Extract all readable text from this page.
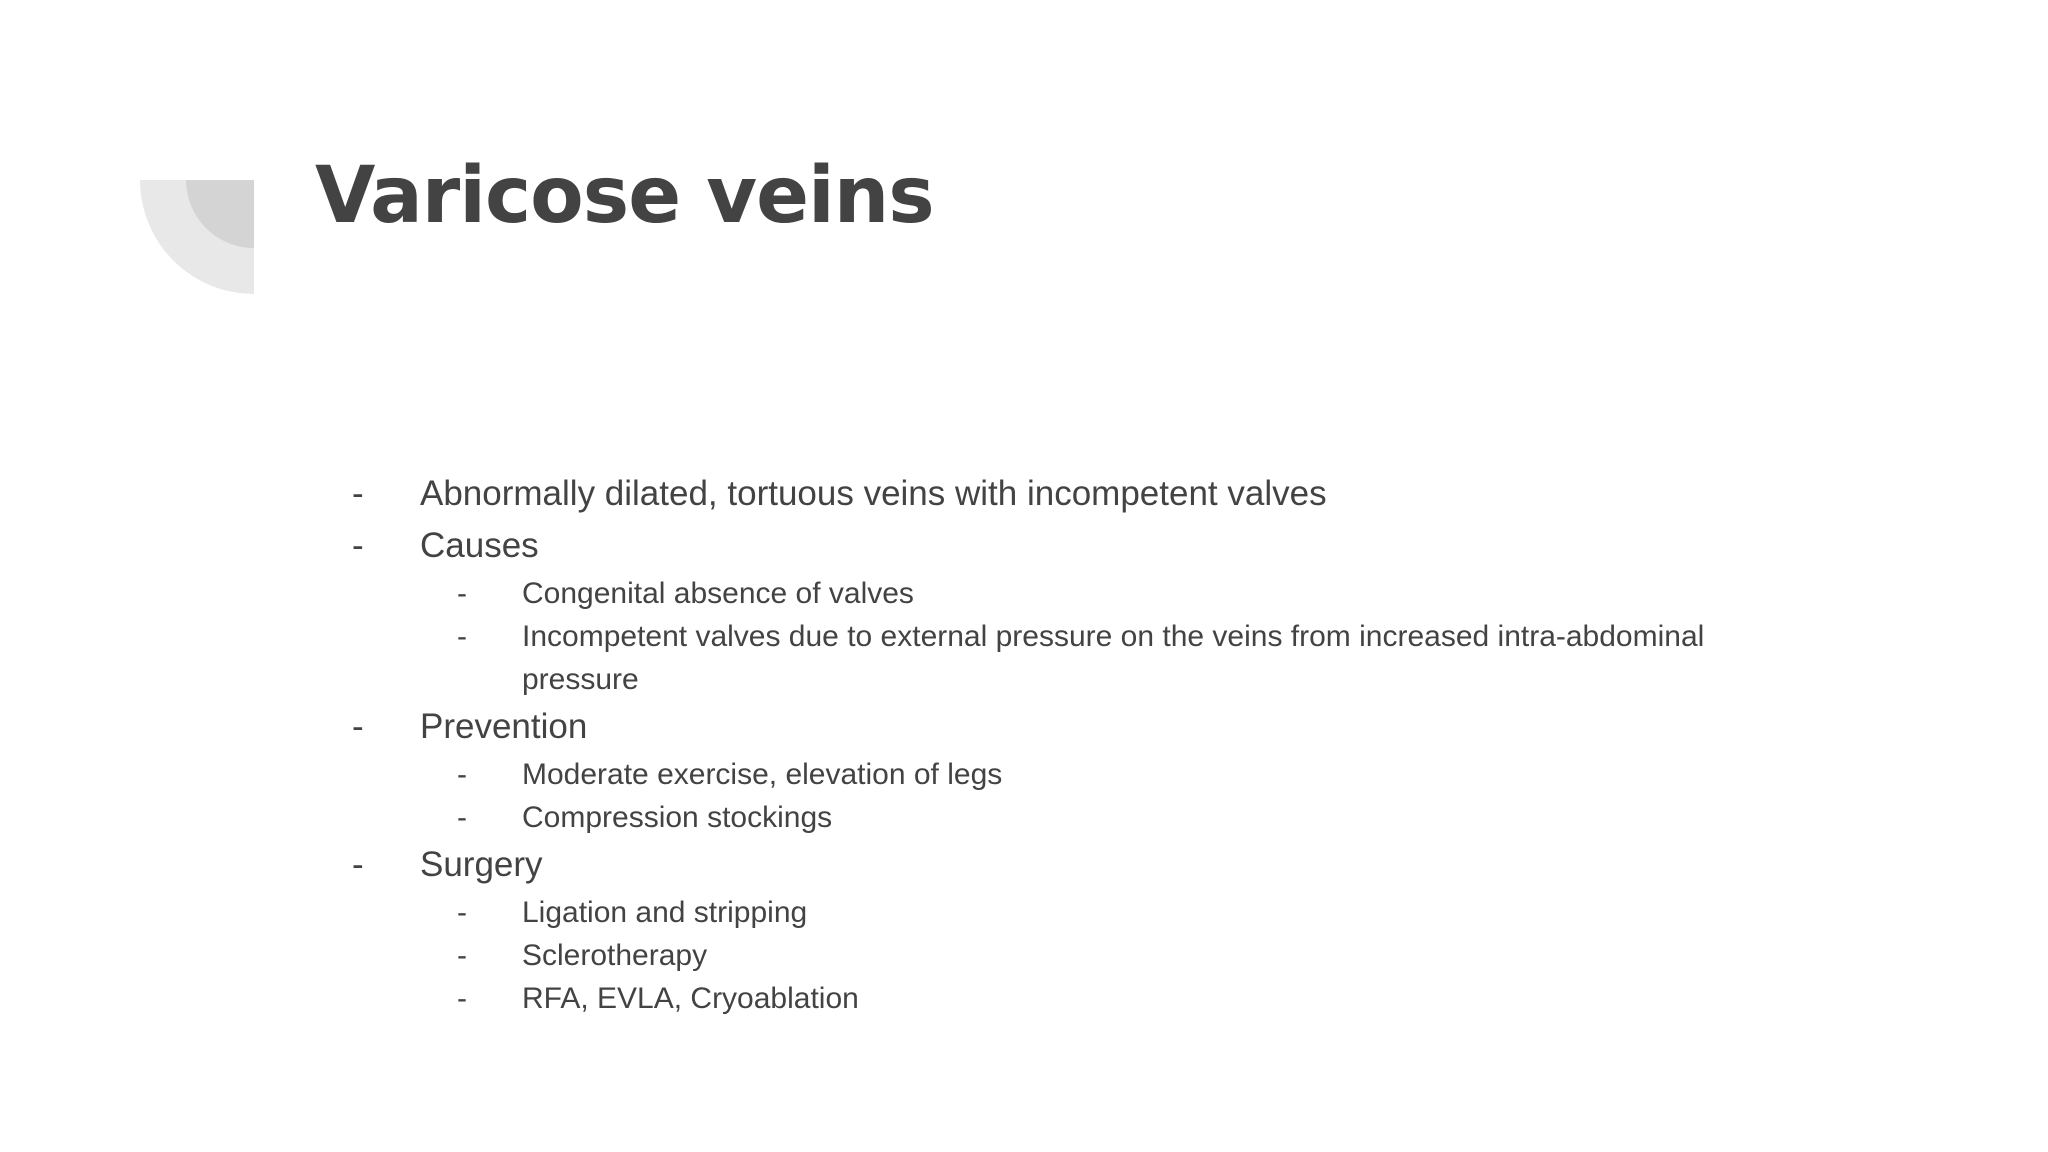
Varicose veins
-	Abnormally dilated, tortuous veins with incompetent valves
-	Causes
-	Congenital absence of valves
-	Incompetent valves due to external pressure on the veins from increased intra-abdominal pressure
-	Prevention
-	Moderate exercise, elevation of legs
-	Compression stockings
-	Surgery
-	Ligation and stripping
-	Sclerotherapy
-	RFA, EVLA, Cryoablation
